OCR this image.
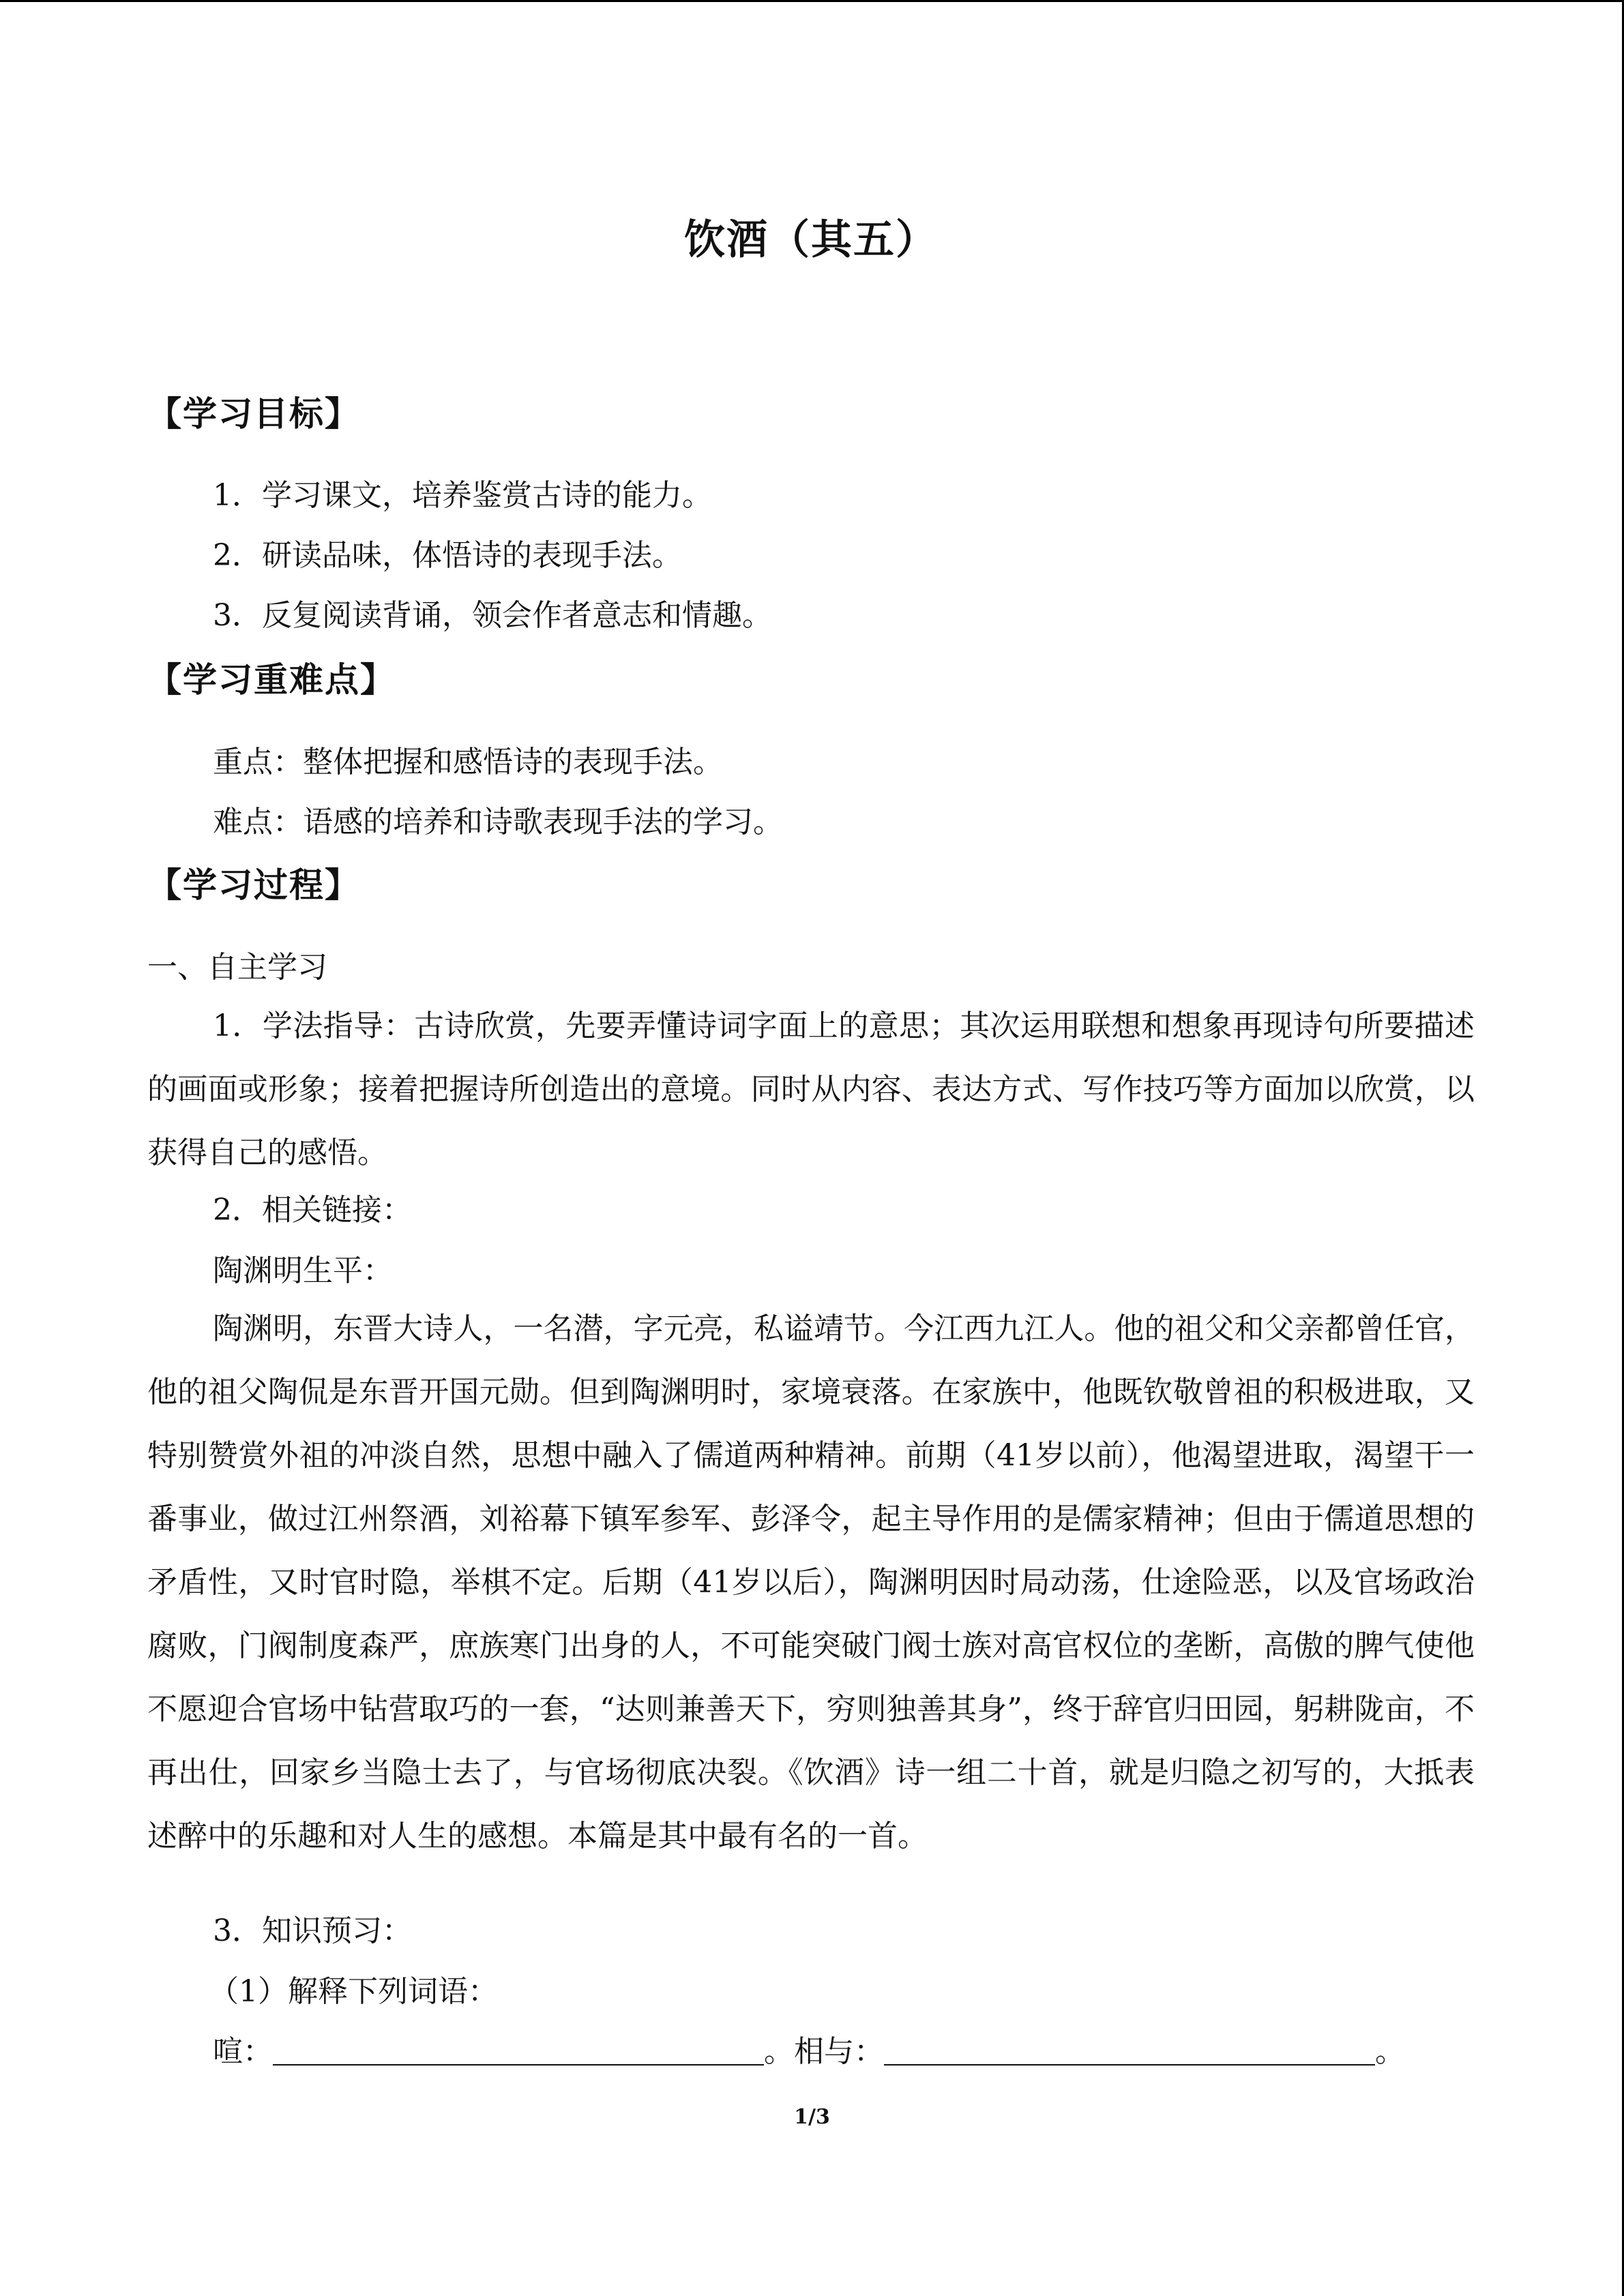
饮酒（其五）
【学习目标】
1．学习课文，培养鉴赏古诗的能力。
2．研读品味，体悟诗的表现手法。
3．反复阅读背诵，领会作者意志和情趣。
【学习重难点】
重点：整体把握和感悟诗的表现手法。
难点：语感的培养和诗歌表现手法的学习。
【学习过程】
一、自主学习
1．学法指导：古诗欣赏，先要弄懂诗词字面上的意思；其次运用联想和想象再现诗句所要描述的画面或形象；接着把握诗所创造出的意境。同时从内容、表达方式、写作技巧等方面加以欣赏，以获得自己的感悟。
2．相关链接：
陶渊明生平：
陶渊明，东晋大诗人，一名潜，字元亮，私谥靖节。今江西九江人。他的祖父和父亲都曾任官，他的祖父陶侃是东晋开国元勋。但到陶渊明时，家境衰落。在家族中，他既钦敬曾祖的积极进取，又特别赞赏外祖的冲淡自然，思想中融入了儒道两种精神。前期（41岁以前），他渴望进取，渴望干一番事业，做过江州祭酒，刘裕幕下镇军参军、彭泽令，起主导作用的是儒家精神；但由于儒道思想的矛盾性，又时官时隐，举棋不定。后期（41岁以后），陶渊明因时局动荡，仕途险恶，以及官场政治腐败，门阀制度森严，庶族寒门出身的人，不可能突破门阀士族对高官权位的垄断，高傲的脾气使他不愿迎合官场中钻营取巧的一套，“达则兼善天下，穷则独善其身”，终于辞官归田园，躬耕陇亩，不再出仕，回家乡当隐士去了，与官场彻底决裂。《饮酒》诗一组二十首，就是归隐之初写的，大抵表述醉中的乐趣和对人生的感想。本篇是其中最有名的一首。
3．知识预习：
（1）解释下列词语：
喧：	。相与：	。
1/3
